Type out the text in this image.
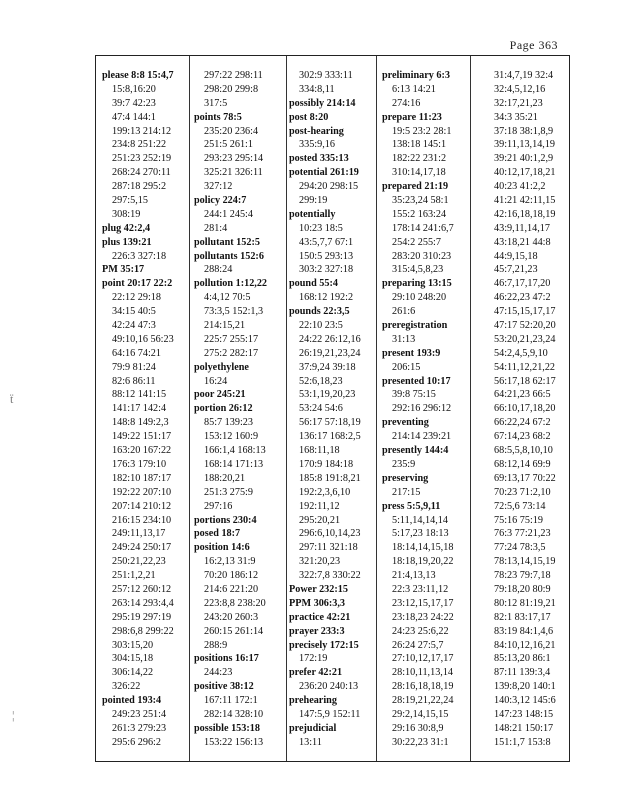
Page 363
ẗ
¦
please 8:8 15:4,7
15:8,16:20
39:7 42:23
47:4 144:1
199:13 214:12
234:8 251:22
251:23 252:19
268:24 270:11
287:18 295:2
297:5,15
308:19
plug 42:2,4
plus 139:21
226:3 327:18
PM 35:17
point 20:17 22:2
22:12 29:18
34:15 40:5
42:24 47:3
49:10,16 56:23
64:16 74:21
79:9 81:24
82:6 86:11
88:12 141:15
141:17 142:4
148:8 149:2,3
149:22 151:17
163:20 167:22
176:3 179:10
182:10 187:17
192:22 207:10
207:14 210:12
216:15 234:10
249:11,13,17
249:24 250:17
250:21,22,23
251:1,2,21
257:12 260:12
263:14 293:4,4
295:19 297:19
298:6,8 299:22
303:15,20
304:15,18
306:14,22
326:22
pointed 193:4
249:23 251:4
261:3 279:23
295:6 296:2
297:22 298:11
298:20 299:8
317:5
points 78:5
235:20 236:4
251:5 261:1
293:23 295:14
325:21 326:11
327:12
policy 224:7
244:1 245:4
281:4
pollutant 152:5
pollutants 152:6
288:24
pollution 1:12,22
4:4,12 70:5
73:3,5 152:1,3
214:15,21
225:7 255:17
275:2 282:17
polyethylene
16:24
poor 245:21
portion 26:12
85:7 139:23
153:12 160:9
166:1,4 168:13
168:14 171:13
188:20,21
251:3 275:9
297:16
portions 230:4
posed 18:7
position 14:6
16:2,13 31:9
70:20 186:12
214:6 221:20
223:8,8 238:20
243:20 260:3
260:15 261:14
288:9
positions 16:17
244:23
positive 38:12
167:11 172:1
282:14 328:10
possible 153:18
153:22 156:13
302:9 333:11
334:8,11
possibly 214:14
post 8:20
post-hearing
335:9,16
posted 335:13
potential 261:19
294:20 298:15
299:19
potentially
10:23 18:5
43:5,7,7 67:1
150:5 293:13
303:2 327:18
pound 55:4
168:12 192:2
pounds 22:3,5
22:10 23:5
24:22 26:12,16
26:19,21,23,24
37:9,24 39:18
52:6,18,23
53:1,19,20,23
53:24 54:6
56:17 57:18,19
136:17 168:2,5
168:11,18
170:9 184:18
185:8 191:8,21
192:2,3,6,10
192:11,12
295:20,21
296:6,10,14,23
297:11 321:18
321:20,23
322:7,8 330:22
Power 232:15
PPM 306:3,3
practice 42:21
prayer 233:3
precisely 172:15
172:19
prefer 42:21
236:20 240:13
prehearing
147:5,9 152:11
prejudicial
13:11
preliminary 6:3
6:13 14:21
274:16
prepare 11:23
19:5 23:2 28:1
138:18 145:1
182:22 231:2
310:14,17,18
prepared 21:19
35:23,24 58:1
155:2 163:24
178:14 241:6,7
254:2 255:7
283:20 310:23
315:4,5,8,23
preparing 13:15
29:10 248:20
261:6
preregistration
31:13
present 193:9
206:15
presented 10:17
39:8 75:15
292:16 296:12
preventing
214:14 239:21
presently 144:4
235:9
preserving
217:15
press 5:5,9,11
5:11,14,14,14
5:17,23 18:13
18:14,14,15,18
18:18,19,20,22
21:4,13,13
22:3 23:11,12
23:12,15,17,17
23:18,23 24:22
24:23 25:6,22
26:24 27:5,7
27:10,12,17,17
28:10,11,13,14
28:16,18,18,19
28:19,21,22,24
29:2,14,15,15
29:16 30:8,9
30:22,23 31:1
31:4,7,19 32:4
32:4,5,12,16
32:17,21,23
34:3 35:21
37:18 38:1,8,9
39:11,13,14,19
39:21 40:1,2,9
40:12,17,18,21
40:23 41:2,2
41:21 42:11,15
42:16,18,18,19
43:9,11,14,17
43:18,21 44:8
44:9,15,18
45:7,21,23
46:7,17,17,20
46:22,23 47:2
47:15,15,17,17
47:17 52:20,20
53:20,21,23,24
54:2,4,5,9,10
54:11,12,21,22
56:17,18 62:17
64:21,23 66:5
66:10,17,18,20
66:22,24 67:2
67:14,23 68:2
68:5,5,8,10,10
68:12,14 69:9
69:13,17 70:22
70:23 71:2,10
72:5,6 73:14
75:16 75:19
76:3 77:21,23
77:24 78:3,5
78:13,14,15,19
78:23 79:7,18
79:18,20 80:9
80:12 81:19,21
82:1 83:17,17
83:19 84:1,4,6
84:10,12,16,21
85:13,20 86:1
87:11 139:3,4
139:8,20 140:1
140:3,12 145:6
147:23 148:15
148:21 150:17
151:1,7 153:8
